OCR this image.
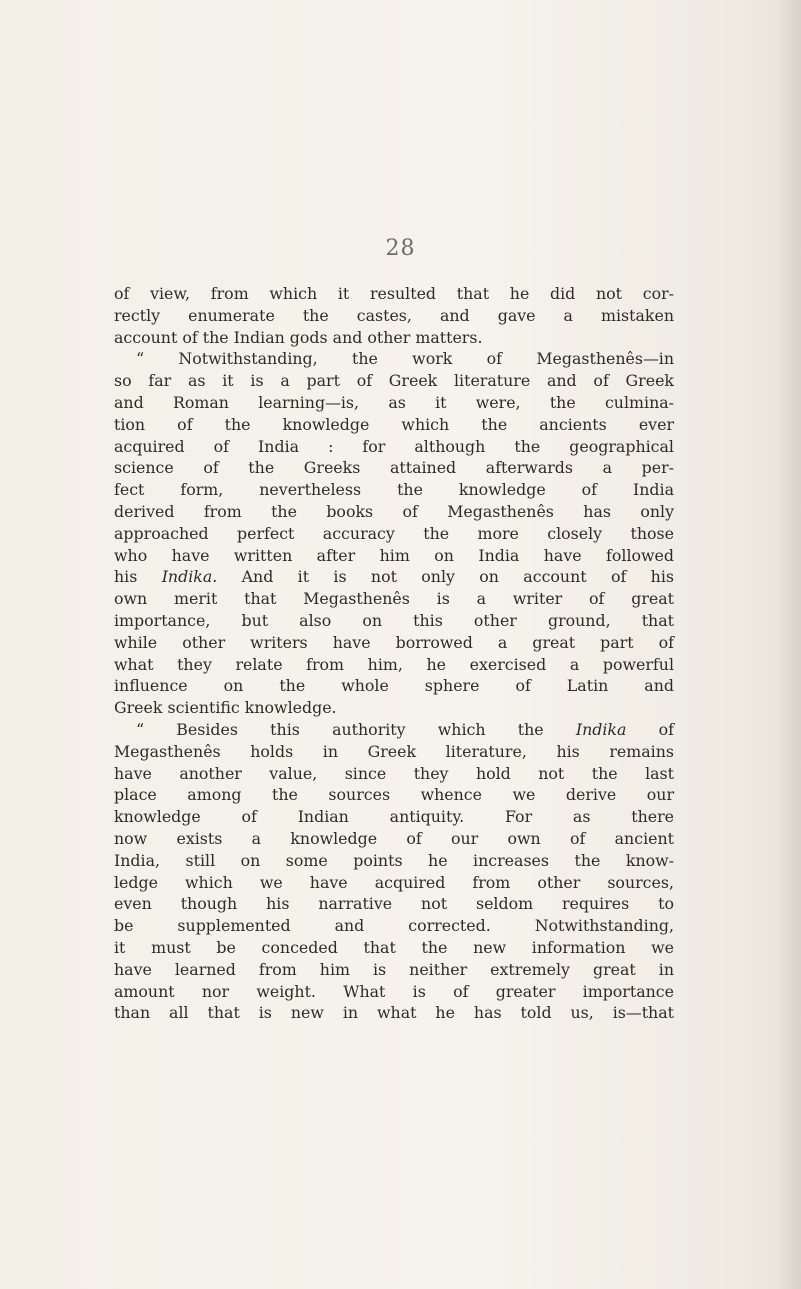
28
of view, from which it resulted that he did not cor-
rectly enumerate the castes, and gave a mistaken
account of the Indian gods and other matters.
“ Notwithstanding, the work of Megasthenês—in
so far as it is a part of Greek literature and of Greek
and Roman learning—is, as it were, the culmina-
tion of the knowledge which the ancients ever
acquired of India : for although the geographical
science of the Greeks attained afterwards a per-
fect form, nevertheless the knowledge of India
derived from the books of Megasthenês has only
approached perfect accuracy the more closely those
who have written after him on India have followed
his Indika. And it is not only on account of his
own merit that Megasthenês is a writer of great
importance, but also on this other ground, that
while other writers have borrowed a great part of
what they relate from him, he exercised a powerful
influence on the whole sphere of Latin and
Greek scientific knowledge.
“ Besides this authority which the Indika of
Megasthenês holds in Greek literature, his remains
have another value, since they hold not the last
place among the sources whence we derive our
knowledge of Indian antiquity. For as there
now exists a knowledge of our own of ancient
India, still on some points he increases the know-
ledge which we have acquired from other sources,
even though his narrative not seldom requires to
be supplemented and corrected. Notwithstanding,
it must be conceded that the new information we
have learned from him is neither extremely great in
amount nor weight. What is of greater importance
than all that is new in what he has told us, is—that
